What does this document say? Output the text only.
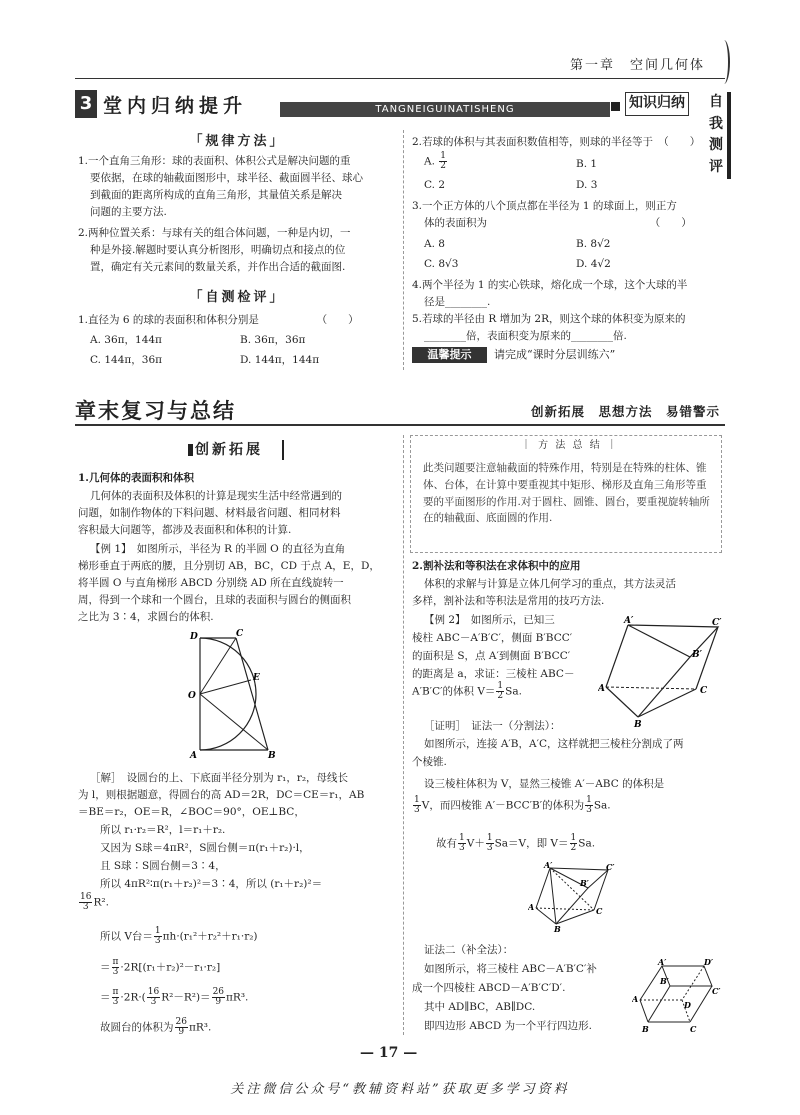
第一章　空间几何体
3 堂内归纳提升	TANGNEIGUINATISHENG	知识归纳 自我测评
「规律方法」

1.一个直角三角形：球的表面积、体积公式是解决问题的重

要依据，在球的轴截面图形中，球半径、截面圆半径、球心

到截面的距离所构成的直角三角形，其量值关系是解决

问题的主要方法.

2.两种位置关系：与球有关的组合体问题，一种是内切，一

种是外接.解题时要认真分析图形，明确切点和接点的位

置，确定有关元素间的数量关系，并作出合适的截面图.

「自测检评」

1.直径为 6 的球的表面积和体积分别是　　　　　　（　　）

A. 36π，144π	B. 36π，36π

C. 144π，36π	D. 144π，144π

2.若球的体积与其表面积数值相等，则球的半径等于　（　　）

A. $\frac{1}{2}$	B. 1

C. 2	D. 3

3.一个正方体的八个顶点都在半径为 1 的球面上，则正方

体的表面积为　　　　　　　　　　　　　　　　（　　）

A. 8	B. 8√2

C. 8√3	D. 4√2

4.两个半径为 1 的实心铁球，熔化成一个球，这个大球的半

径是________.

5.若球的半径由 R 增加为 2R，则这个球的体积变为原来的

________倍，表面积变为原来的________倍.

温馨提示	请完成“课时分层训练六”
章末复习与总结	创新拓展　思想方法　易错警示
创新拓展

1.几何体的表面积和体积

几何体的表面积及体积的计算是现实生活中经常遇到的

问题，如制作物体的下料问题、材料最省问题、相同材料

容积最大问题等，都涉及表面积和体积的计算.

【例 1】　如图所示，半径为 R 的半圆 O 的直径为直角

梯形垂直于两底的腰，且分别切 AB，BC，CD 于点 A，E，D，

将半圆 O 与直角梯形 ABCD 分别绕 AD 所在直线旋转一

周，得到一个球和一个圆台，且球的表面积与圆台的侧面积

之比为 3∶4，求圆台的体积.

D	C
O
E
A	B

［解］　设圆台的上、下底面半径分别为 r₁，r₂，母线长

为 l，则根据题意，得圆台的高 AD＝2R，DC＝CE＝r₁，AB

＝BE＝r₂，OE＝R，∠BOC＝90°，OE⊥BC，

所以 r₁·r₂＝R²，l＝r₁＋r₂.

又因为 S球＝4πR²，S圆台侧＝π(r₁＋r₂)·l，

且 S球∶S圆台侧＝3∶4，

所以 4πR²∶π(r₁＋r₂)²＝3∶4，所以 (r₁＋r₂)²＝

$\frac{16}{3} R^2$.
所以 V台＝ $\frac{1}{3} \pi h\cdot(r_1^2+r_2^2+r_1\cdot r_2)$
＝ $\frac{\pi}{3} \cdot 2R[(r_1+r_2)^2-r_1\cdot r_2]$
＝ $\frac{\pi}{3} \cdot 2R\cdot( \frac{16}{3} R^2-R^2)= \frac{26}{9} \pi R^3$.
故圆台的体积为 $\frac{26}{9} \pi R^3$.
｜ 方 法 总 结 ｜
此类问题要注意轴截面的特殊作用，特别是在特殊的柱体、锥体、台体，在计算中要重视其中矩形、梯形及直角三角形等重要的平面图形的作用.对于圆柱、圆锥、圆台，要重视旋转轴所在的轴截面、底面圆的作用.

2.割补法和等积法在求体积中的应用

体积的求解与计算是立体几何学习的重点，其方法灵活

多样，割补法和等积法是常用的技巧方法.

【例 2】　如图所示，已知三

棱柱 ABC－A′B′C′，侧面 B′BCC′

的面积是 S，点 A′到侧面 B′BCC′

的距离是 a，求证：三棱柱 ABC－

A′B′C′的体积 $V= \frac{1}{2} Sa$.
A′	C′
B′
A	C
B

［证明］　证法一（分割法）：

如图所示，连接 A′B，A′C，这样就把三棱柱分割成了两

个棱锥.

设三棱柱体积为 V，显然三棱锥 A′－ABC 的体积是

$\frac{1}{3}$ V，而四棱锥 A′－BCC′B′的体积为 $\frac{1}{3} Sa$.
故有 $\frac{1}{3} V+ \frac{1}{3} Sa=V$，即 $V= \frac{1}{2} Sa$.
A′	C′
B′
A	C
B

证法二（补全法）：

如图所示，将三棱柱 ABC－A′B′C′补

成一个四棱柱 ABCD－A′B′C′D′.

其中 AD∥BC，AB∥DC.

即四边形 ABCD 为一个平行四边形.

A′	D′
B′
C′
A
D
B	C
— 17 —
关注微信公众号“教辅资料站”获取更多学习资料
